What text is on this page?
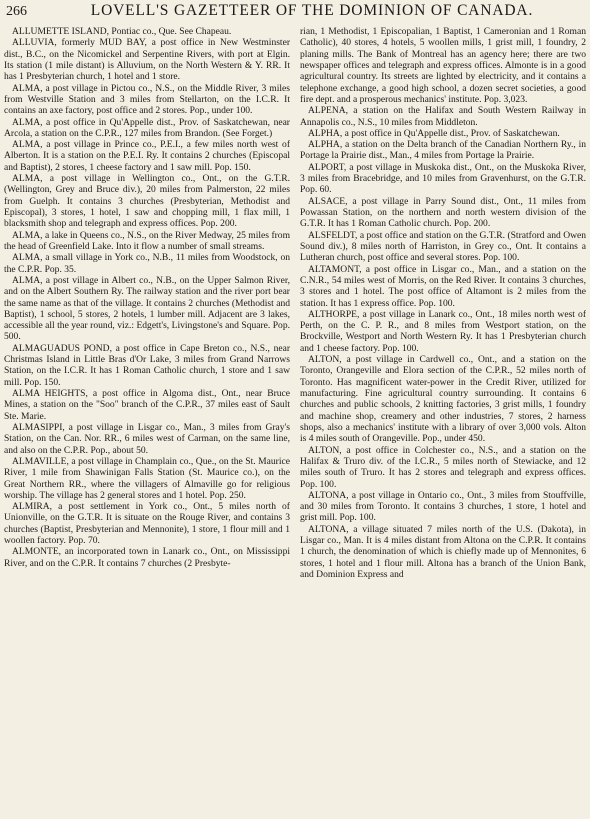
266	LOVELL'S GAZETTEER OF THE DOMINION OF CANADA.

ALLUMETTE ISLAND, Pontiac co., Que. See Chapeau.

ALLUVIA, formerly MUD BAY, a post office in New Westminster dist., B.C., on the Nicomickel and Serpentine Rivers, with port at Elgin. Its station (1 mile distant) is Alluvium, on the North Western & Y. RR. It has 1 Presbyterian church, 1 hotel and 1 store.

ALMA, a post village in Pictou co., N.S., on the Middle River, 3 miles from Westville Station and 3 miles from Stellarton, on the I.C.R. It contains an axe factory, post office and 2 stores. Pop., under 100.

ALMA, a post office in Qu'Appelle dist., Prov. of Saskatchewan, near Arcola, a station on the C.P.R., 127 miles from Brandon. (See Forget.)

ALMA, a post village in Prince co., P.E.I., a few miles north west of Alberton. It is a station on the P.E.I. Ry. It contains 2 churches (Episcopal and Baptist), 2 stores, 1 cheese factory and 1 saw mill. Pop. 150.

ALMA, a post village in Wellington co., Ont., on the G.T.R. (Wellington, Grey and Bruce div.), 20 miles from Palmerston, 22 miles from Guelph. It contains 3 churches (Presbyterian, Methodist and Episcopal), 3 stores, 1 hotel, 1 saw and chopping mill, 1 flax mill, 1 blacksmith shop and telegraph and express offices. Pop. 200.

ALMA, a lake in Queens co., N.S., on the River Medway, 25 miles from the head of Greenfield Lake. Into it flow a number of small streams.

ALMA, a small village in York co., N.B., 11 miles from Woodstock, on the C.P.R. Pop. 35.

ALMA, a post village in Albert co., N.B., on the Upper Salmon River, and on the Albert Southern Ry. The railway station and the river port bear the same name as that of the village. It contains 2 churches (Methodist and Baptist), 1 school, 5 stores, 2 hotels, 1 lumber mill. Adjacent are 3 lakes, accessible all the year round, viz.: Edgett's, Livingstone's and Square. Pop. 500.

ALMAGUADUS POND, a post office in Cape Breton co., N.S., near Christmas Island in Little Bras d'Or Lake, 3 miles from Grand Narrows Station, on the I.C.R. It has 1 Roman Catholic church, 1 store and 1 saw mill. Pop. 150.

ALMA HEIGHTS, a post office in Algoma dist., Ont., near Bruce Mines, a station on the "Soo" branch of the C.P.R., 37 miles east of Sault Ste. Marie.

ALMASIPPI, a post village in Lisgar co., Man., 3 miles from Gray's Station, on the Can. Nor. RR., 6 miles west of Carman, on the same line, and also on the C.P.R. Pop., about 50.

ALMAVILLE, a post village in Champlain co., Que., on the St. Maurice River, 1 mile from Shawinigan Falls Station (St. Maurice co.), on the Great Northern RR., where the villagers of Almaville go for religious worship. The village has 2 general stores and 1 hotel. Pop. 250.

ALMIRA, a post settlement in York co., Ont., 5 miles north of Unionville, on the G.T.R. It is situate on the Rouge River, and contains 3 churches (Baptist, Presbyterian and Mennonite), 1 store, 1 flour mill and 1 woollen factory. Pop. 70.

ALMONTE, an incorporated town in Lanark co., Ont., on Mississippi River, and on the C.P.R. It contains 7 churches (2 Presbyte-

rian, 1 Methodist, 1 Episcopalian, 1 Baptist, 1 Cameronian and 1 Roman Catholic), 40 stores, 4 hotels, 5 woollen mills, 1 grist mill, 1 foundry, 2 planing mills. The Bank of Montreal has an agency here; there are two newspaper offices and telegraph and express offices. Almonte is in a good agricultural country. Its streets are lighted by electricity, and it contains a telephone exchange, a good high school, a dozen secret societies, a good fire dept. and a prosperous mechanics' institute. Pop. 3,023.

ALPENA, a station on the Halifax and South Western Railway in Annapolis co., N.S., 10 miles from Middleton.

ALPHA, a post office in Qu'Appelle dist., Prov. of Saskatchewan.

ALPHA, a station on the Delta branch of the Canadian Northern Ry., in Portage la Prairie dist., Man., 4 miles from Portage la Prairie.

ALPORT, a post village in Muskoka dist., Ont., on the Muskoka River, 3 miles from Bracebridge, and 10 miles from Gravenhurst, on the G.T.R. Pop. 60.

ALSACE, a post village in Parry Sound dist., Ont., 11 miles from Powassan Station, on the northern and north western division of the G.T.R. It has 1 Roman Catholic church. Pop. 200.

ALSFELDT, a post office and station on the G.T.R. (Stratford and Owen Sound div.), 8 miles north of Harriston, in Grey co., Ont. It contains a Lutheran church, post office and several stores. Pop. 100.

ALTAMONT, a post office in Lisgar co., Man., and a station on the C.N.R., 54 miles west of Morris, on the Red River. It contains 3 churches, 3 stores and 1 hotel. The post office of Altamont is 2 miles from the station. It has 1 express office. Pop. 100.

ALTHORPE, a post village in Lanark co., Ont., 18 miles north west of Perth, on the C. P. R., and 8 miles from Westport station, on the Brockville, Westport and North Western Ry. It has 1 Presbyterian church and 1 cheese factory. Pop. 100.

ALTON, a post village in Cardwell co., Ont., and a station on the Toronto, Orangeville and Elora section of the C.P.R., 52 miles north of Toronto. Has magnificent water-power in the Credit River, utilized for manufacturing. Fine agricultural country surrounding. It contains 6 churches and public schools, 2 knitting factories, 3 grist mills, 1 foundry and machine shop, creamery and other industries, 7 stores, 2 harness shops, also a mechanics' institute with a library of over 3,000 vols. Alton is 4 miles south of Orangeville. Pop., under 450.

ALTON, a post office in Colchester co., N.S., and a station on the Halifax & Truro div. of the I.C.R., 5 miles north of Stewiacke, and 12 miles south of Truro. It has 2 stores and telegraph and express offices. Pop. 100.

ALTONA, a post village in Ontario co., Ont., 3 miles from Stouffville, and 30 miles from Toronto. It contains 3 churches, 1 store, 1 hotel and grist mill. Pop. 100.

ALTONA, a village situated 7 miles north of the U.S. (Dakota), in Lisgar co., Man. It is 4 miles distant from Altona on the C.P.R. It contains 1 church, the denomination of which is chiefly made up of Mennonites, 6 stores, 1 hotel and 1 flour mill. Altona has a branch of the Union Bank, and Dominion Express and
